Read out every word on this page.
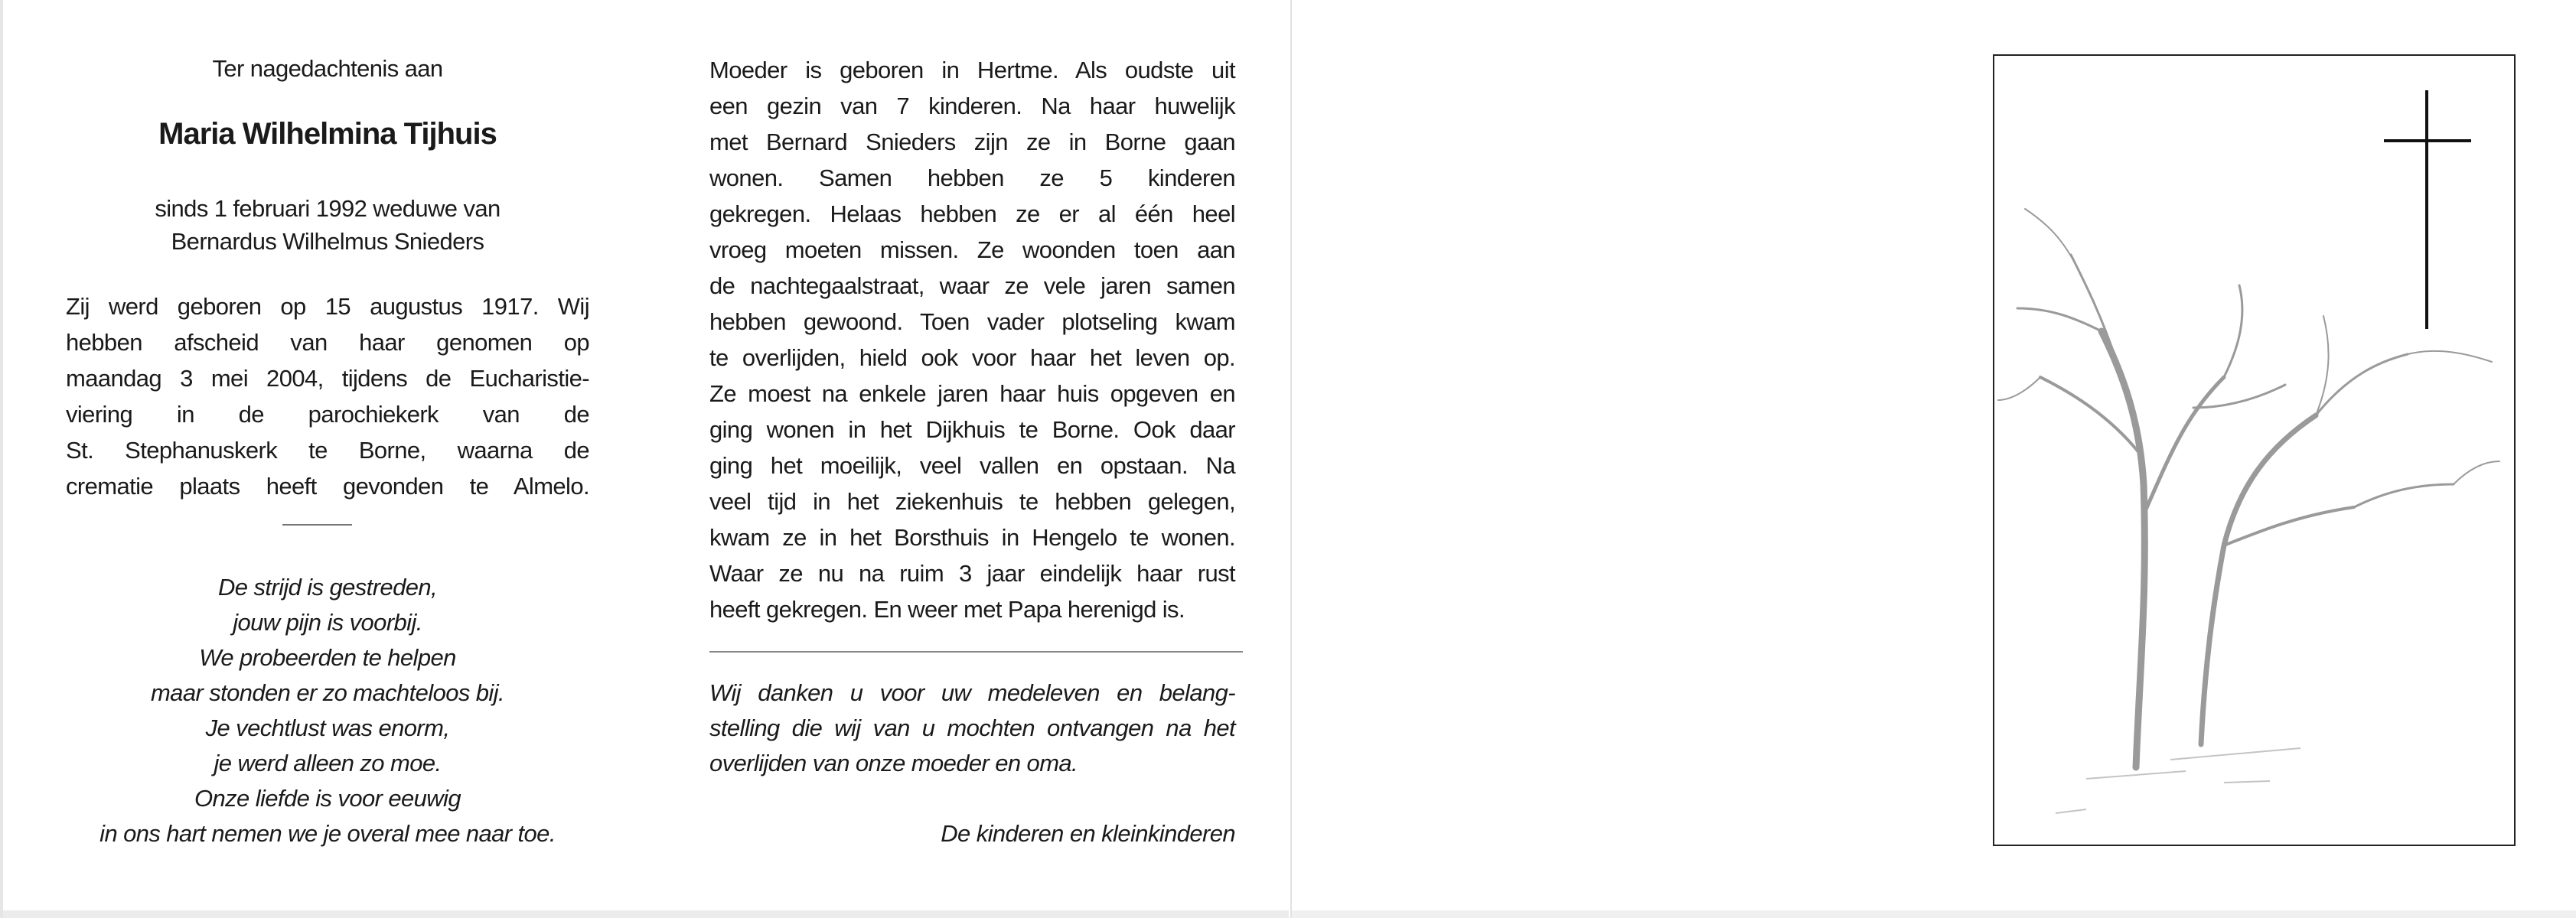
Ter nagedachtenis aan
Maria Wilhelmina Tijhuis
sinds 1 februari 1992 weduwe van
Bernardus Wilhelmus Snieders
Zij werd geboren op 15 augustus 1917. Wij
hebben afscheid van haar genomen op
maandag 3 mei 2004, tijdens de Eucharistie-
viering in de parochiekerk van de
St. Stephanuskerk te Borne, waarna de
crematie plaats heeft gevonden te Almelo.
De strijd is gestreden,
jouw pijn is voorbij.
We probeerden te helpen
maar stonden er zo machteloos bij.
Je vechtlust was enorm,
je werd alleen zo moe.
Onze liefde is voor eeuwig
in ons hart nemen we je overal mee naar toe.
Moeder is geboren in Hertme. Als oudste uit
een gezin van 7 kinderen. Na haar huwelijk
met Bernard Snieders zijn ze in Borne gaan
wonen. Samen hebben ze 5 kinderen
gekregen. Helaas hebben ze er al één heel
vroeg moeten missen. Ze woonden toen aan
de nachtegaalstraat, waar ze vele jaren samen
hebben gewoond. Toen vader plotseling kwam
te overlijden, hield ook voor haar het leven op.
Ze moest na enkele jaren haar huis opgeven en
ging wonen in het Dijkhuis te Borne. Ook daar
ging het moeilijk, veel vallen en opstaan. Na
veel tijd in het ziekenhuis te hebben gelegen,
kwam ze in het Borsthuis in Hengelo te wonen.
Waar ze nu na ruim 3 jaar eindelijk haar rust
heeft gekregen. En weer met Papa herenigd is.
Wij danken u voor uw medeleven en belang-
stelling die wij van u mochten ontvangen na het
overlijden van onze moeder en oma.
De kinderen en kleinkinderen
